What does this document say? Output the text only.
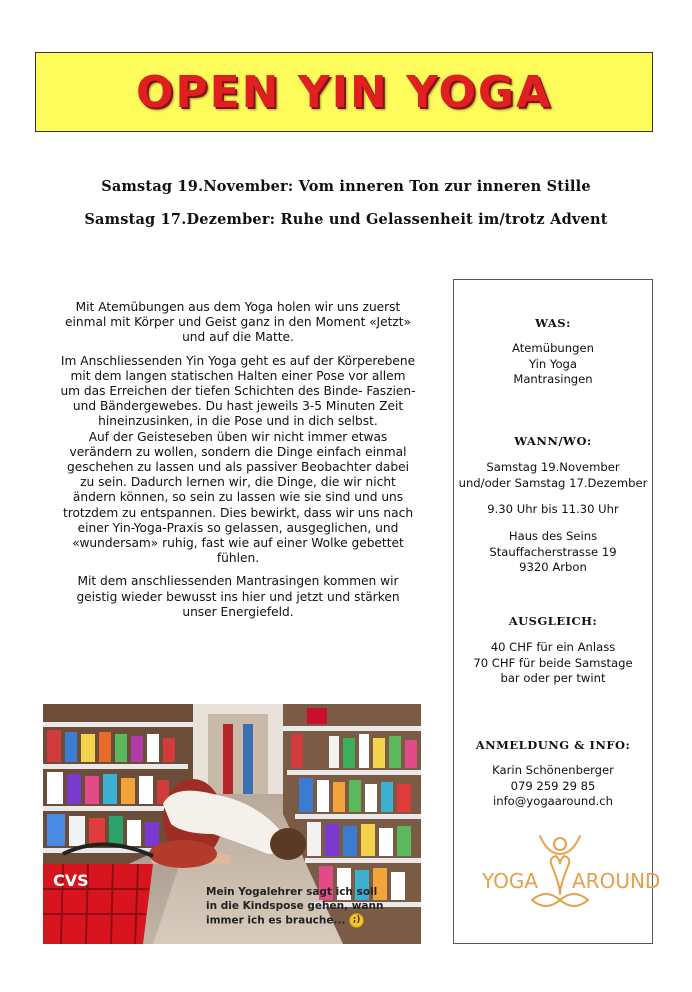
OPEN YIN YOGA
Samstag 19.November: Vom inneren Ton zur inneren Stille
Samstag 17.Dezember: Ruhe und Gelassenheit im/trotz Advent

Mit Atemübungen aus dem Yoga holen wir uns zuerst einmal mit Körper und Geist ganz in den Moment «Jetzt» und auf die Matte.

Im Anschliessenden Yin Yoga geht es auf der Körperebene mit dem langen statischen Halten einer Pose vor allem um das Erreichen der tiefen Schichten des Binde- Faszien- und Bändergewebes. Du hast jeweils 3-5 Minuten Zeit hineinzusinken, in die Pose und in dich selbst.

Auf der Geisteseben üben wir nicht immer etwas verändern zu wollen, sondern die Dinge einfach einmal geschehen zu lassen und als passiver Beobachter dabei zu sein. Dadurch lernen wir, die Dinge, die wir nicht ändern können, so sein zu lassen wie sie sind und uns trotzdem zu entspannen. Dies bewirkt, dass wir uns nach einer Yin-Yoga-Praxis so gelassen, ausgeglichen, und «wundersam» ruhig, fast wie auf einer Wolke gebettet fühlen.

Mit dem anschliessenden Mantrasingen kommen wir geistig wieder bewusst ins hier und jetzt und stärken unser Energiefeld.

WAS:
Atemübungen
Yin Yoga
Mantrasingen
WANN/WO:
Samstag 19.November
und/oder Samstag 17.Dezember
9.30 Uhr bis 11.30 Uhr
Haus des Seins
Stauffacherstrasse 19
9320 Arbon
AUSGLEICH:
40 CHF für ein Anlass
70 CHF für beide Samstage
bar oder per twint
ANMELDUNG & INFO:
Karin Schönenberger
079 259 29 85
info@yogaaround.ch
YOGA AROUND
CVS
Mein Yogalehrer sagt ich soll
in die Kindspose gehen, wann
immer ich es brauche... ;)
